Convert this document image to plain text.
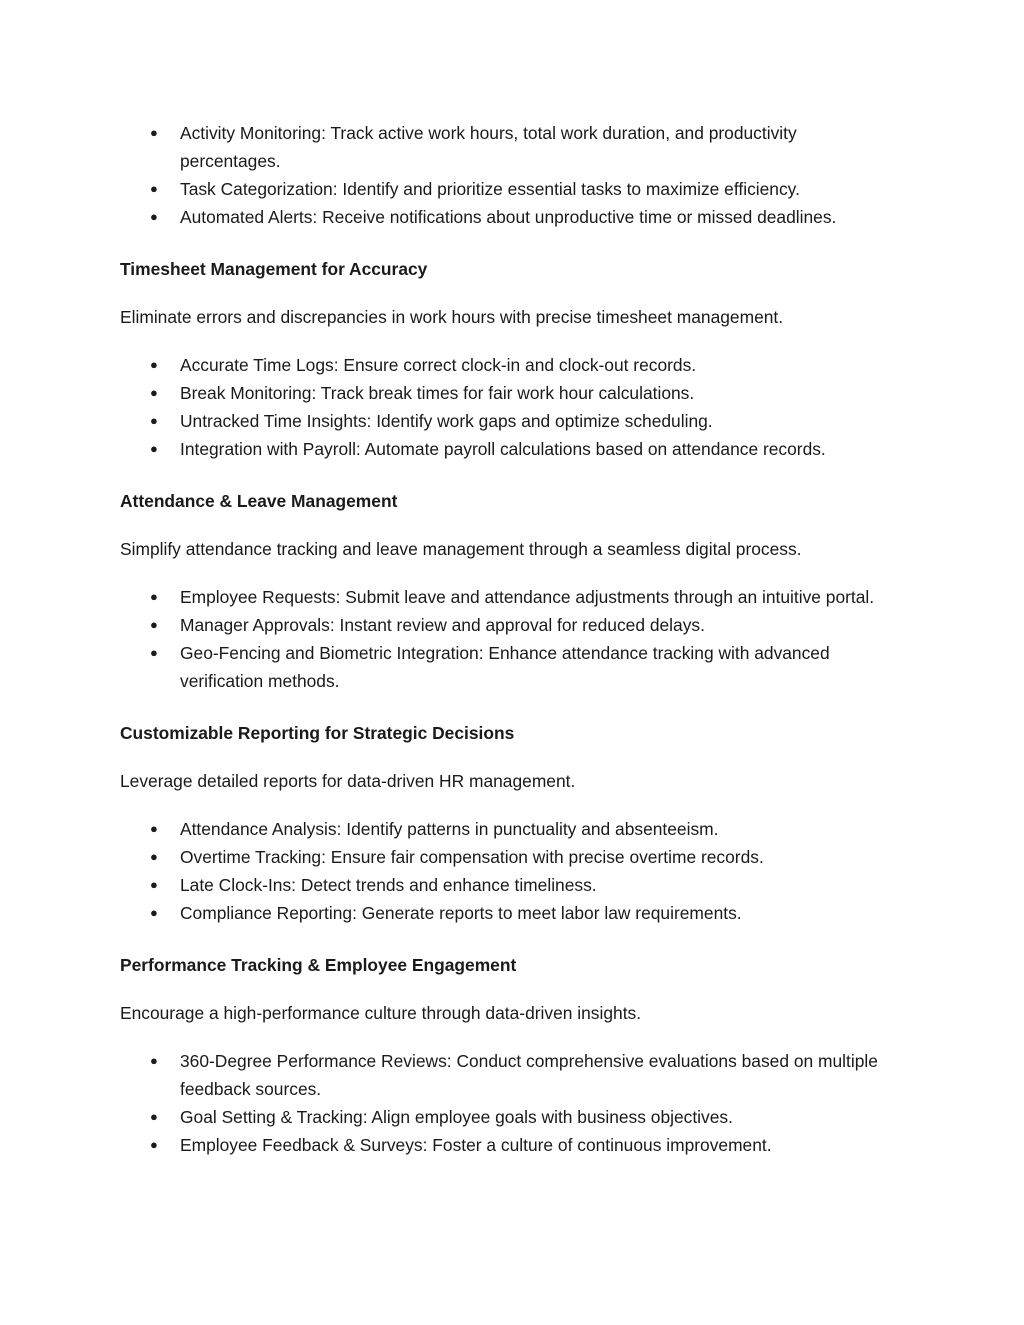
● Activity Monitoring: Track active work hours, total work duration, and productivity percentages.
● Task Categorization: Identify and prioritize essential tasks to maximize efficiency.
● Automated Alerts: Receive notifications about unproductive time or missed deadlines.
Timesheet Management for Accuracy

Eliminate errors and discrepancies in work hours with precise timesheet management.

● Accurate Time Logs: Ensure correct clock-in and clock-out records.
● Break Monitoring: Track break times for fair work hour calculations.
● Untracked Time Insights: Identify work gaps and optimize scheduling.
● Integration with Payroll: Automate payroll calculations based on attendance records.
Attendance & Leave Management

Simplify attendance tracking and leave management through a seamless digital process.

● Employee Requests: Submit leave and attendance adjustments through an intuitive portal.
● Manager Approvals: Instant review and approval for reduced delays.
● Geo-Fencing and Biometric Integration: Enhance attendance tracking with advanced verification methods.
Customizable Reporting for Strategic Decisions

Leverage detailed reports for data-driven HR management.

● Attendance Analysis: Identify patterns in punctuality and absenteeism.
● Overtime Tracking: Ensure fair compensation with precise overtime records.
● Late Clock-Ins: Detect trends and enhance timeliness.
● Compliance Reporting: Generate reports to meet labor law requirements.
Performance Tracking & Employee Engagement

Encourage a high-performance culture through data-driven insights.

● 360-Degree Performance Reviews: Conduct comprehensive evaluations based on multiple feedback sources.
● Goal Setting & Tracking: Align employee goals with business objectives.
● Employee Feedback & Surveys: Foster a culture of continuous improvement.
